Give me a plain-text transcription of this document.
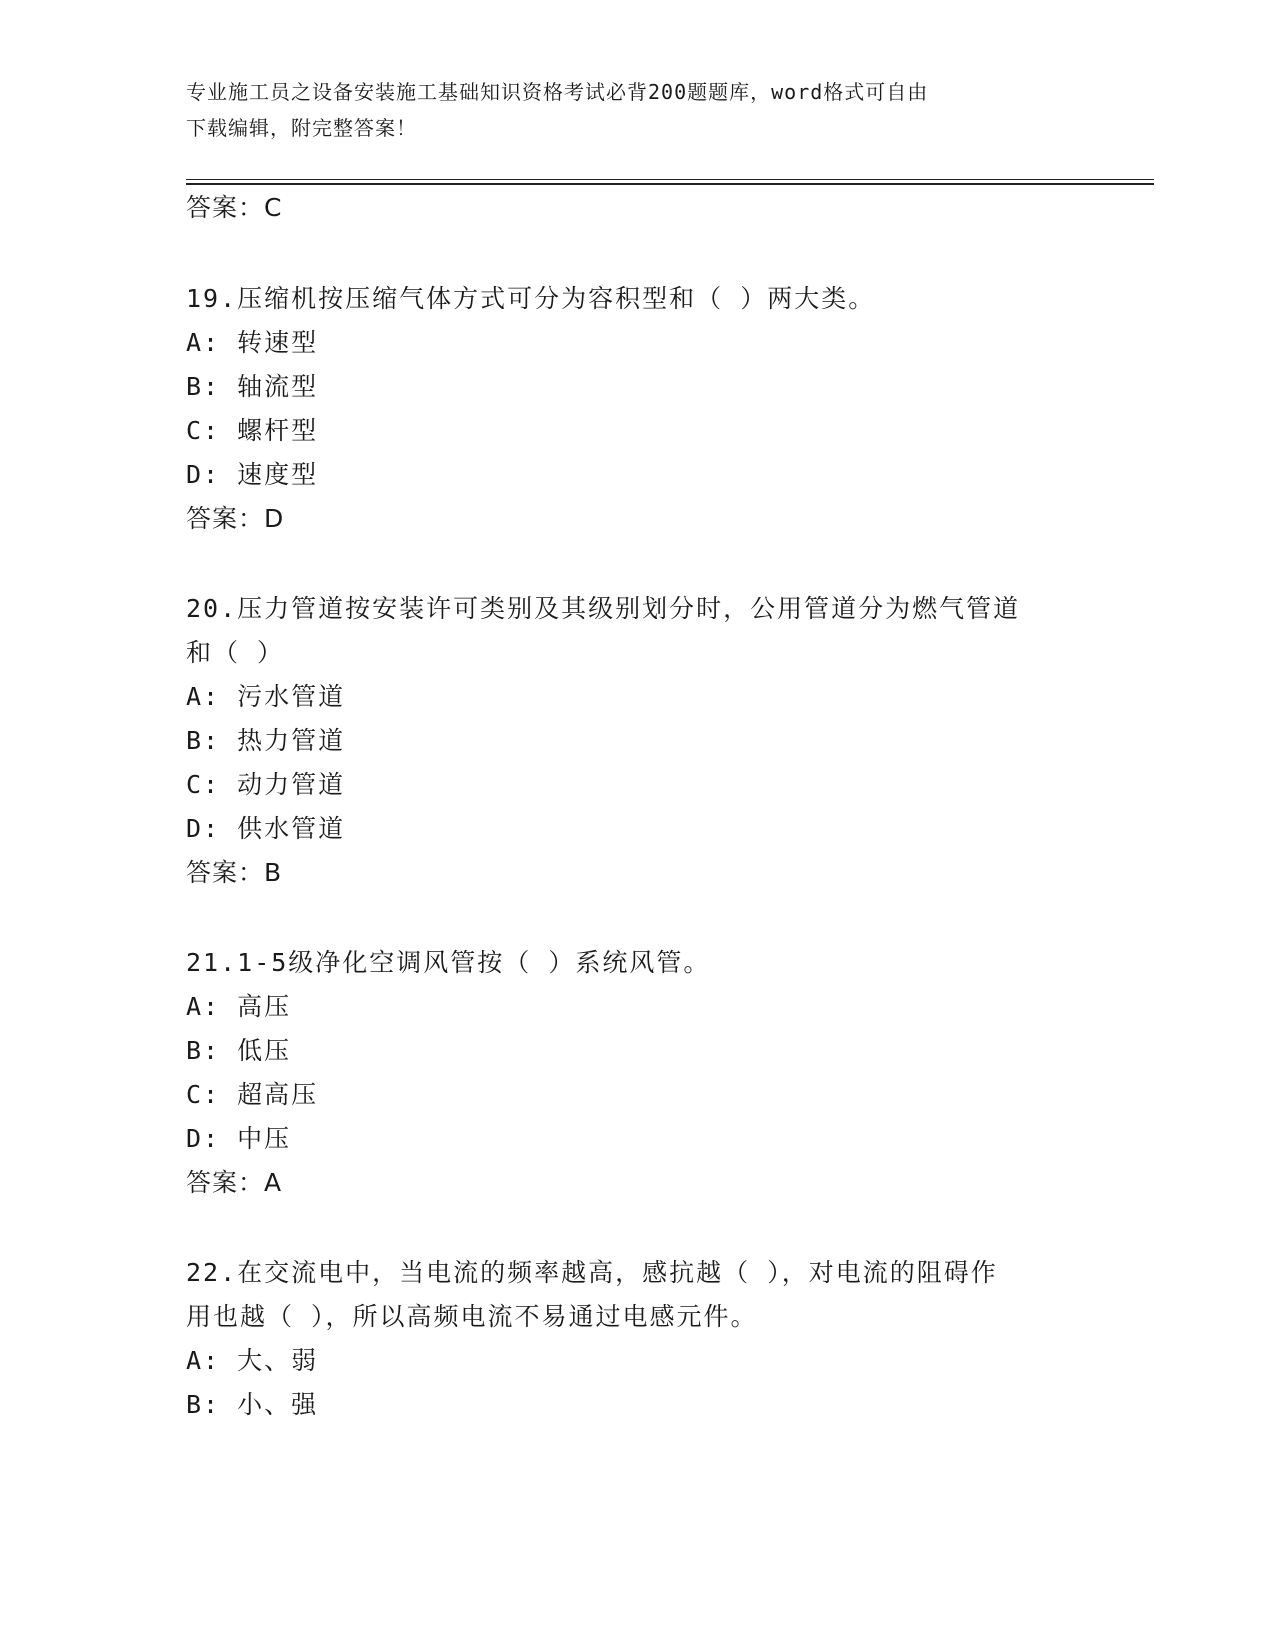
专业施工员之设备安装施工基础知识资格考试必背200题题库，word格式可自由
下载编辑，附完整答案！
答案：C
19.压缩机按压缩气体方式可分为容积型和（ ）两大类。
A: 转速型
B: 轴流型
C: 螺杆型
D: 速度型
答案：D
20.压力管道按安装许可类别及其级别划分时，公用管道分为燃气管道
和（ ）
A: 污水管道
B: 热力管道
C: 动力管道
D: 供水管道
答案：B
21.1-5级净化空调风管按（ ）系统风管。
A: 高压
B: 低压
C: 超高压
D: 中压
答案：A
22.在交流电中，当电流的频率越高，感抗越（ ），对电流的阻碍作
用也越（ ），所以高频电流不易通过电感元件。
A: 大、弱
B: 小、强
